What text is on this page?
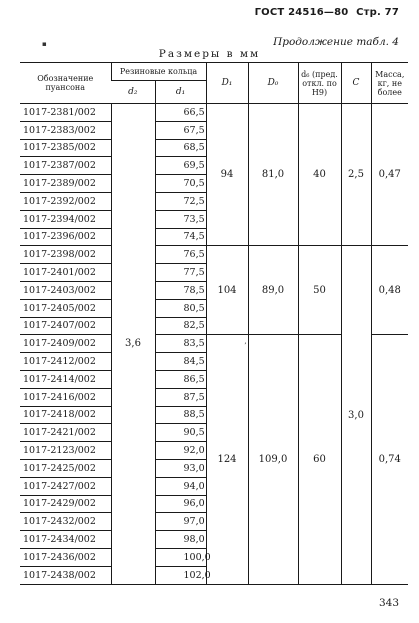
ГОСТ 24516—80 Стр. 77
Продолжение табл. 4
Размеры в мм
Обозначение пуансона	Резиновые кольца		D₁	D₀	d₆ (пред. откл. по H9)	C	Масса, кг, не более
	d₂	d₁					
1017-2381/002	3,6	66,5	94	81,0	40	2,5	0,47
1017-2383/002		67,5					
1017-2385/002		68,5					
1017-2387/002		69,5					
1017-2389/002		70,5					
1017-2392/002		72,5					
1017-2394/002		73,5					
1017-2396/002		74,5					
1017-2398/002		76,5	104	89,0	50	3,0	0,48
1017-2401/002		77,5					
1017-2403/002		78,5					
1017-2405/002		80,5					
1017-2407/002		82,5					
1017-2409/002		83,5	124	109,0	60		0,74
1017-2412/002		84,5					
1017-2414/002		86,5					
1017-2416/002		87,5					
1017-2418/002		88,5					
1017-2421/002		90,5					
1017-2123/002		92,0					
1017-2425/002		93,0					
1017-2427/002		94,0					
1017-2429/002		96,0					
1017-2432/002		97,0					
1017-2434/002		98,0					
1017-2436/002		100,0					
1017-2438/002		102,0					
▪
ʼ
343
